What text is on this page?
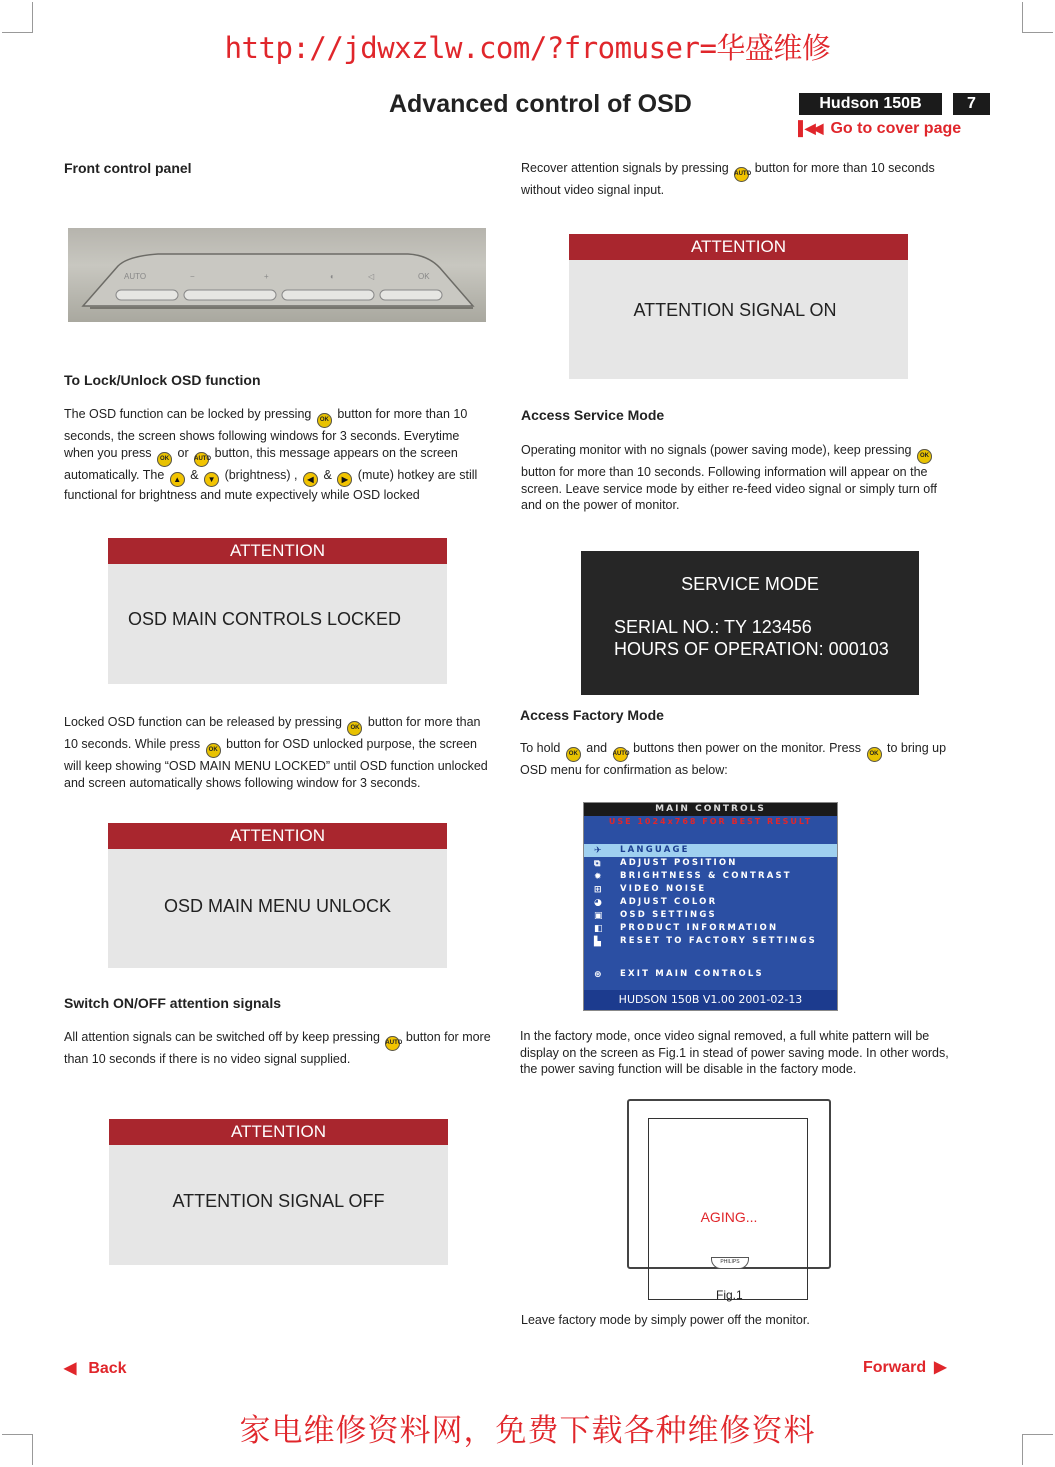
http://jdwxzlw.com/?fromuser=华盛维修
Advanced control of OSD	Hudson 150B	7
▌◀◀ Go to cover page
Front control panel
AUTO	−	+	◐	◁	OK
To Lock/Unlock OSD function
The OSD function can be locked by pressing OK button for more than 10 seconds, the screen shows following windows for 3 seconds. Everytime when you press OK or AUTO button, this message appears on the screen automatically. The ▲ & ▼ (brightness) , ◀ & ▶ (mute) hotkey are still functional for brightness and mute expectively while OSD locked
ATTENTION
OSD MAIN CONTROLS LOCKED
Locked OSD function can be released by pressing OK button for more than 10 seconds. While press OK button for OSD unlocked purpose, the screen will keep showing “OSD MAIN MENU LOCKED” until OSD function unlocked and screen automatically shows following window for 3 seconds.
ATTENTION
OSD MAIN MENU UNLOCK
Switch ON/OFF attention signals
All attention signals can be switched off by keep pressing AUTO button for more than 10 seconds if there is no video signal supplied.
ATTENTION
ATTENTION SIGNAL OFF
Recover attention signals by pressing AUTO button for more than 10 seconds without video signal input.
ATTENTION
ATTENTION SIGNAL ON
Access Service Mode
Operating monitor with no signals (power saving mode), keep pressing OK button for more than 10 seconds. Following information will appear on the screen. Leave service mode by either re-feed video signal or simply turn off and on the power of monitor.
SERVICE MODE
SERIAL NO.: TY 123456
HOURS OF OPERATION: 000103
Access Factory Mode
To hold OK and AUTO buttons then power on the monitor. Press OK to bring up OSD menu for confirmation as below:
MAIN CONTROLS
USE 1024x768 FOR BEST RESULT
✈ LANGUAGE
⧉ ADJUST POSITION
✹ BRIGHTNESS & CONTRAST
⊞ VIDEO NOISE
◕ ADJUST COLOR
▣ OSD SETTINGS
◧ PRODUCT INFORMATION
▙ RESET TO FACTORY SETTINGS
⊛ EXIT MAIN CONTROLS
HUDSON 150B V1.00 2001-02-13
In the factory mode, once video signal removed, a full white pattern will be display on the screen as Fig.1 in stead of power saving mode. In other words, the power saving function will be disable in the factory mode.
AGING...
PHILIPS
Fig.1
Leave factory mode by simply power off the monitor.
◀ Back	Forward ▶
家电维修资料网，免费下载各种维修资料
